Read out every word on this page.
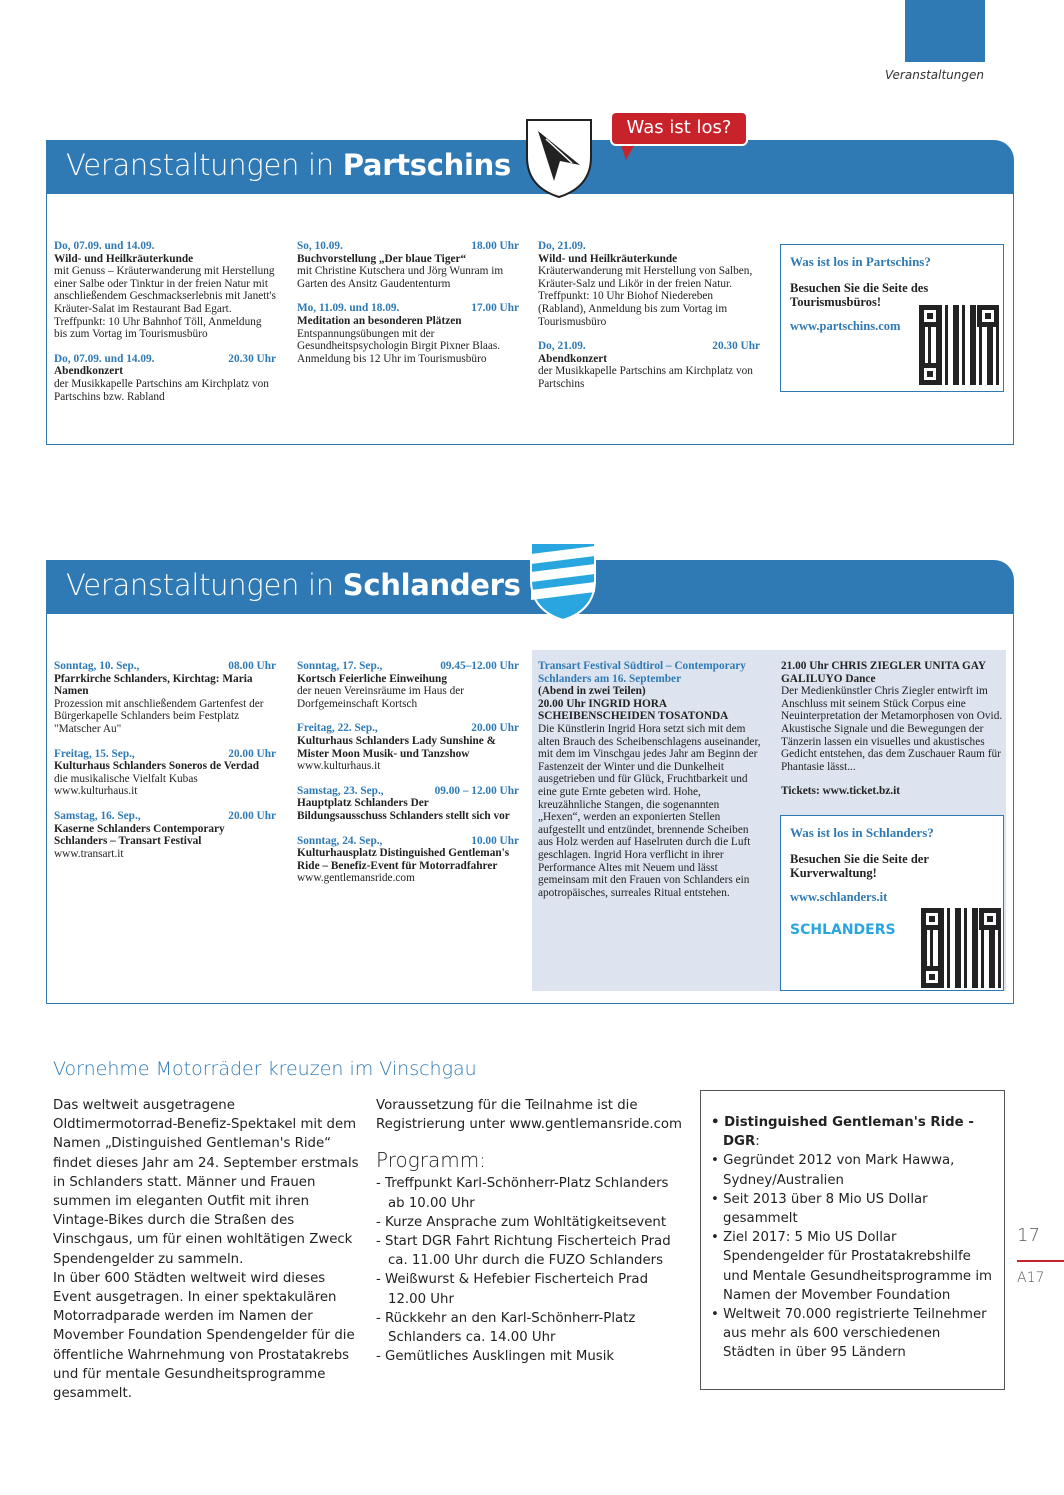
Veranstaltungen
Veranstaltungen in Partschins
Was ist los?
Do, 07.09. und 14.09.
Wild- und Heilkräuterkunde
mit Genuss – Kräuterwanderung mit Herstellung einer Salbe oder Tinktur in der freien Natur mit anschließendem Geschmackserlebnis mit Janett's Kräuter-Salat im Restaurant Bad Egart. Treffpunkt: 10 Uhr Bahnhof Töll, Anmeldung bis zum Vortag im Tourismusbüro
Do, 07.09. und 14.09.	20.30 Uhr
Abendkonzert
der Musikkapelle Partschins am Kirchplatz von Partschins bzw. Rabland
So, 10.09.	18.00 Uhr
Buchvorstellung „Der blaue Tiger“
mit Christine Kutschera und Jörg Wunram im Garten des Ansitz Gaudententurm
Mo, 11.09. und 18.09.	17.00 Uhr
Meditation an besonderen Plätzen
Entspannungsübungen mit der Gesundheitspsychologin Birgit Pixner Blaas. Anmeldung bis 12 Uhr im Tourismusbüro
Do, 21.09.
Wild- und Heilkräuterkunde
Kräuterwanderung mit Herstellung von Salben, Kräuter-Salz und Likör in der freien Natur. Treffpunkt: 10 Uhr Biohof Niedereben (Rabland), Anmeldung bis zum Vortag im Tourismusbüro
Do, 21.09.	20.30 Uhr
Abendkonzert
der Musikkapelle Partschins am Kirchplatz von Partschins
Was ist los in Partschins?
Besuchen Sie die Seite des Tourismusbüros!
www.partschins.com
Veranstaltungen in Schlanders
Sonntag, 10. Sep.,	08.00 Uhr
Pfarrkirche Schlanders, Kirchtag: Maria Namen
Prozession mit anschließendem Gartenfest der Bürgerkapelle Schlanders beim Festplatz "Matscher Au"
Freitag, 15. Sep.,	20.00 Uhr
Kulturhaus Schlanders Soneros de Verdad
die musikalische Vielfalt Kubas www.kulturhaus.it
Samstag, 16. Sep.,	20.00 Uhr
Kaserne Schlanders Contemporary Schlanders – Transart Festival
www.transart.it
Sonntag, 17. Sep.,	09.45–12.00 Uhr
Kortsch Feierliche Einweihung
der neuen Vereinsräume im Haus der Dorfgemeinschaft Kortsch
Freitag, 22. Sep.,	20.00 Uhr
Kulturhaus Schlanders Lady Sunshine & Mister Moon Musik- und Tanzshow
www.kulturhaus.it
Samstag, 23. Sep.,	09.00 – 12.00 Uhr
Hauptplatz Schlanders Der Bildungsausschuss Schlanders stellt sich vor
Sonntag, 24. Sep.,	10.00 Uhr
Kulturhausplatz Distinguished Gentleman's Ride – Benefiz-Event für Motorradfahrer
www.gentlemansride.com
Transart Festival Südtirol – Contemporary Schlanders am 16. September
(Abend in zwei Teilen)
20.00 Uhr INGRID HORA SCHEIBENSCHEIDEN TOSATONDA
Die Künstlerin Ingrid Hora setzt sich mit dem alten Brauch des Scheibenschlagens auseinander, mit dem im Vinschgau jedes Jahr am Beginn der Fastenzeit der Winter und die Dunkelheit ausgetrieben und für Glück, Fruchtbarkeit und eine gute Ernte gebeten wird. Hohe, kreuzähnliche Stangen, die sogenannten „Hexen“, werden an exponierten Stellen aufgestellt und entzündet, brennende Scheiben aus Holz werden auf Haselruten durch die Luft geschlagen. Ingrid Hora verflicht in ihrer Performance Altes mit Neuem und lässt gemeinsam mit den Frauen von Schlanders ein apotropäisches, surreales Ritual entstehen.
21.00 Uhr CHRIS ZIEGLER UNITA GAY GALILUYO Dance
Der Medienkünstler Chris Ziegler entwirft im Anschluss mit seinem Stück Corpus eine Neuinterpretation der Metamorphosen von Ovid. Akustische Signale und die Bewegungen der Tänzerin lassen ein visuelles und akustisches Gedicht entstehen, das dem Zuschauer Raum für Phantasie lässt...
Tickets: www.ticket.bz.it
Was ist los in Schlanders?
Besuchen Sie die Seite der Kurverwaltung!
www.schlanders.it
SCHLANDERS
Vornehme Motorräder kreuzen im Vinschgau
Das weltweit ausgetragene Oldtimermotorrad-Benefiz-Spektakel mit dem Namen „Distinguished Gentleman's Ride“ findet dieses Jahr am 24. September erstmals in Schlanders statt. Männer und Frauen summen im eleganten Outfit mit ihren Vintage-Bikes durch die Straßen des Vinschgaus, um für einen wohltätigen Zweck Spendengelder zu sammeln.
In über 600 Städten weltweit wird dieses Event ausgetragen. In einer spektakulären Motorradparade werden im Namen der Movember Foundation Spendengelder für die öffentliche Wahrnehmung von Prostatakrebs und für mentale Gesundheitsprogramme gesammelt.
Voraussetzung für die Teilnahme ist die Registrierung unter www.gentlemansride.com
Programm:
- Treffpunkt Karl-Schönherr-Platz Schlanders ab 10.00 Uhr
- Kurze Ansprache zum Wohltätigkeitsevent
- Start DGR Fahrt Richtung Fischerteich Prad ca. 11.00 Uhr durch die FUZO Schlanders
- Weißwurst & Hefebier Fischerteich Prad 12.00 Uhr
- Rückkehr an den Karl-Schönherr-Platz Schlanders ca. 14.00 Uhr
- Gemütliches Ausklingen mit Musik
• Distinguished Gentleman's Ride - DGR:
• Gegründet 2012 von Mark Hawwa, Sydney/Australien
• Seit 2013 über 8 Mio US Dollar gesammelt
• Ziel 2017: 5 Mio US Dollar Spendengelder für Prostatakrebshilfe und Mentale Gesundheitsprogramme im Namen der Movember Foundation
• Weltweit 70.000 registrierte Teilnehmer aus mehr als 600 verschiedenen Städten in über 95 Ländern
17
A17
